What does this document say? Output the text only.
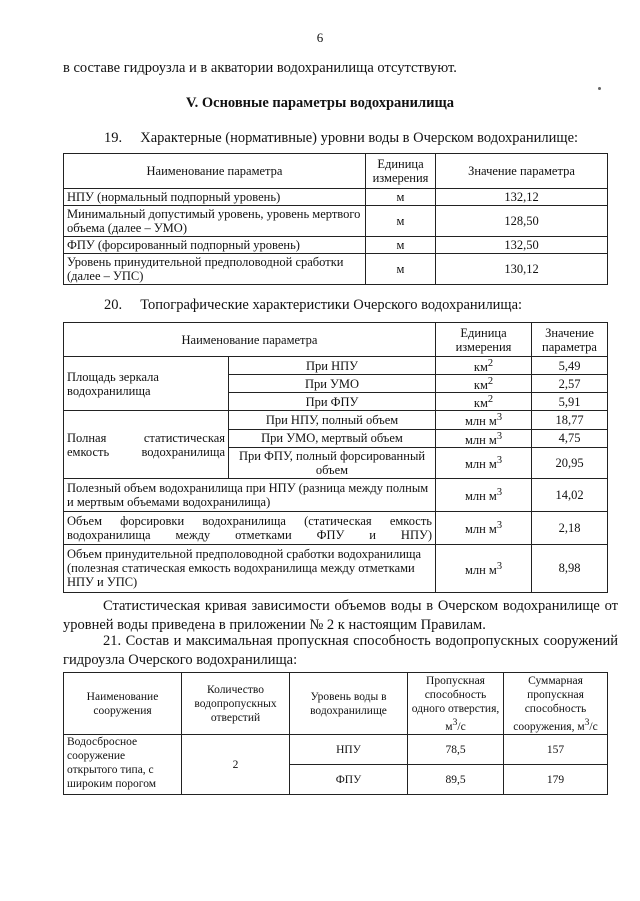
6
в составе гидроузла и в акватории водохранилища отсутствуют.
V. Основные параметры водохранилища
19.     Характерные (нормативные) уровни воды в Очерском водохранилище:
Наименование параметра	Единица измерения	Значение параметра
НПУ (нормальный подпорный уровень)	м	132,12
Минимальный допустимый уровень, уровень мертвого объема (далее – УМО)	м	128,50
ФПУ (форсированный подпорный уровень)	м	132,50
Уровень принудительной предполоводной сработки (далее – УПС)	м	130,12
20.     Топографические характеристики Очерского водохранилища:
Наименование параметра		Единица измерения	Значение параметра
Площадь зеркала водохранилища	При НПУ	$км^2$	5,49
	При УМО	$км^2$	2,57
	При ФПУ	$км^2$	5,91
Полная статистическая емкость водохранилища	При НПУ, полный объем	млн $м^3$	18,77
	При УМО, мертвый объем	млн $м^3$	4,75
	При ФПУ, полный форсированный объем	млн $м^3$	20,95
Полезный объем водохранилища при НПУ (разница между полным и мертвым объемами водохранилища)		млн $м^3$	14,02
Объем форсировки водохранилища (статическая емкость водохранилища между отметками ФПУ и НПУ)		млн $м^3$	2,18
Объем принудительной предполоводной сработки водохранилища (полезная статическая емкость водохранилища между отметками НПУ и УПС)		млн $м^3$	8,98
Статистическая кривая зависимости объемов воды в Очерском водохранилище от уровней воды приведена в приложении № 2 к настоящим Правилам.
21. Состав и максимальная пропускная способность водопропускных сооружений гидроузла Очерского водохранилища:
Наименование сооружения	Количество водопропускных отверстий	Уровень воды в водохранилище	Пропускная способность одного отверстия, $м^3/с$	Суммарная пропускная способность сооружения, $м^3/с$
Водосбросное сооружение открытого типа, с широким порогом	2	НПУ	78,5	157
		ФПУ	89,5	179
